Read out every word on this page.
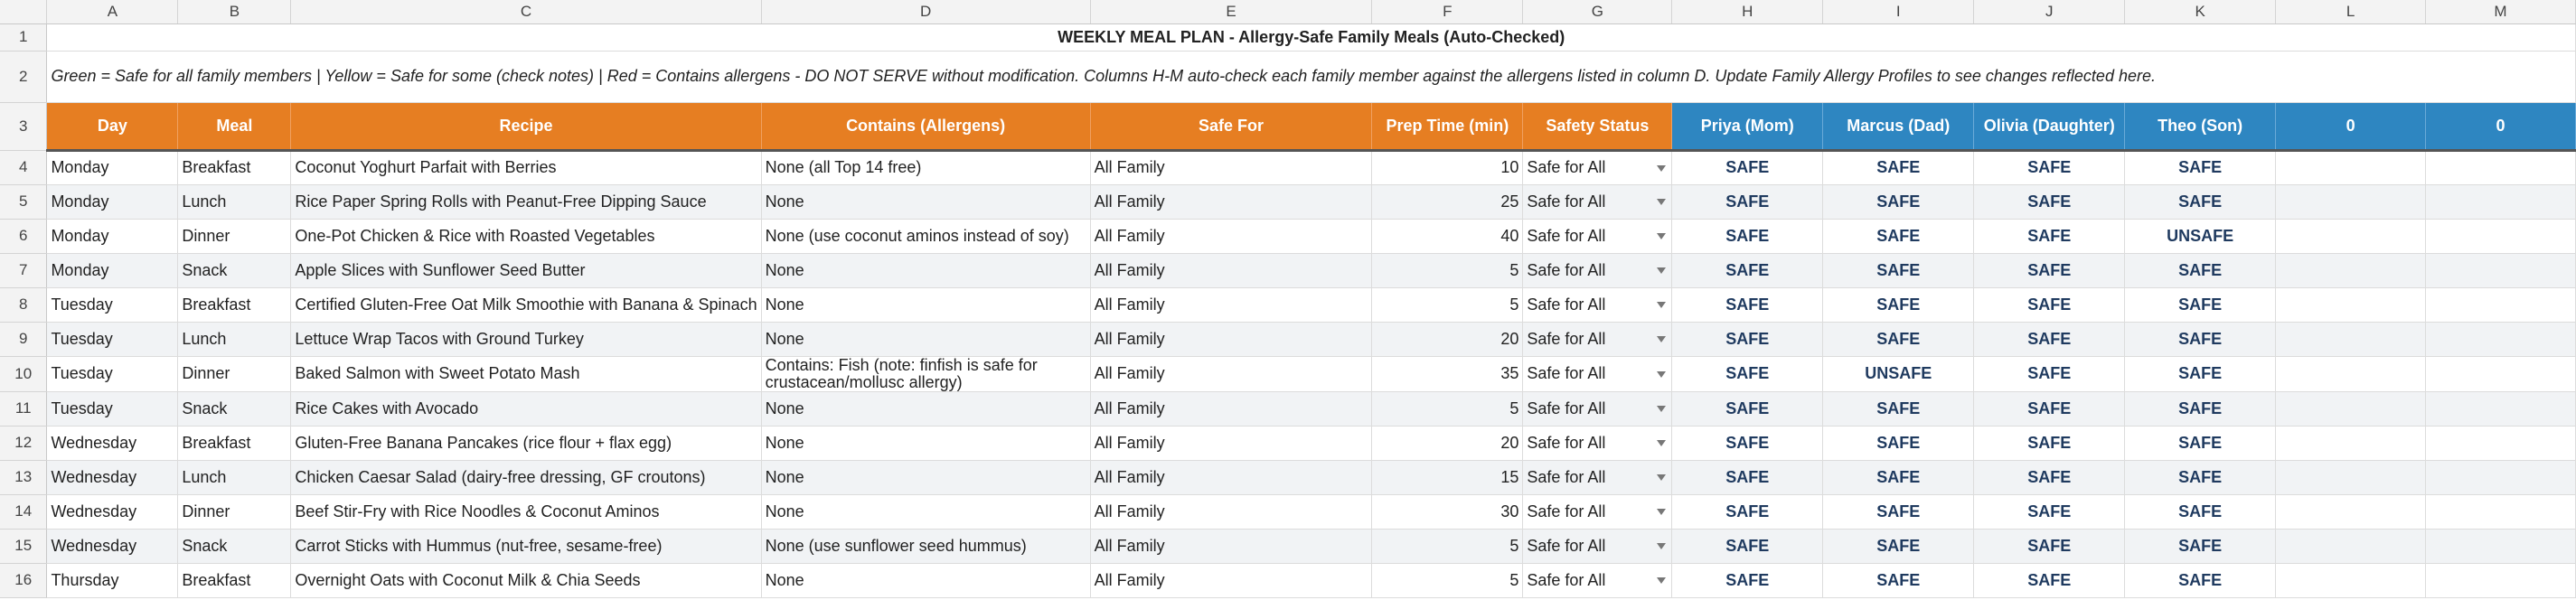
	A	B	C	D	E	F	G	H	I	J	K	L	M
1	WEEKLY MEAL PLAN - Allergy-Safe Family Meals (Auto-Checked)												
2	Green = Safe for all family members | Yellow = Safe for some (check notes) | Red = Contains allergens - DO NOT SERVE without modification. Columns H-M auto-check each family member against the allergens listed in column D. Update Family Allergy Profiles to see changes reflected here.												
3	Day	Meal	Recipe	Contains (Allergens)	Safe For	Prep Time (min)	Safety Status	Priya (Mom)	Marcus (Dad)	Olivia (Daughter)	Theo (Son)	0	0
4	Monday	Breakfast	Coconut Yoghurt Parfait with Berries	None (all Top 14 free)	All Family	10	Safe for All	SAFE	SAFE	SAFE	SAFE		
5	Monday	Lunch	Rice Paper Spring Rolls with Peanut-Free Dipping Sauce	None	All Family	25	Safe for All	SAFE	SAFE	SAFE	SAFE		
6	Monday	Dinner	One-Pot Chicken & Rice with Roasted Vegetables	None (use coconut aminos instead of soy)	All Family	40	Safe for All	SAFE	SAFE	SAFE	UNSAFE		
7	Monday	Snack	Apple Slices with Sunflower Seed Butter	None	All Family	5	Safe for All	SAFE	SAFE	SAFE	SAFE		
8	Tuesday	Breakfast	Certified Gluten-Free Oat Milk Smoothie with Banana & Spinach	None	All Family	5	Safe for All	SAFE	SAFE	SAFE	SAFE		
9	Tuesday	Lunch	Lettuce Wrap Tacos with Ground Turkey	None	All Family	20	Safe for All	SAFE	SAFE	SAFE	SAFE		
10	Tuesday	Dinner	Baked Salmon with Sweet Potato Mash	Contains: Fish (note: finfish is safe for crustacean/mollusc allergy)	All Family	35	Safe for All	SAFE	UNSAFE	SAFE	SAFE		
11	Tuesday	Snack	Rice Cakes with Avocado	None	All Family	5	Safe for All	SAFE	SAFE	SAFE	SAFE		
12	Wednesday	Breakfast	Gluten-Free Banana Pancakes (rice flour + flax egg)	None	All Family	20	Safe for All	SAFE	SAFE	SAFE	SAFE		
13	Wednesday	Lunch	Chicken Caesar Salad (dairy-free dressing, GF croutons)	None	All Family	15	Safe for All	SAFE	SAFE	SAFE	SAFE		
14	Wednesday	Dinner	Beef Stir-Fry with Rice Noodles & Coconut Aminos	None	All Family	30	Safe for All	SAFE	SAFE	SAFE	SAFE		
15	Wednesday	Snack	Carrot Sticks with Hummus (nut-free, sesame-free)	None (use sunflower seed hummus)	All Family	5	Safe for All	SAFE	SAFE	SAFE	SAFE		
16	Thursday	Breakfast	Overnight Oats with Coconut Milk & Chia Seeds	None	All Family	5	Safe for All	SAFE	SAFE	SAFE	SAFE		
